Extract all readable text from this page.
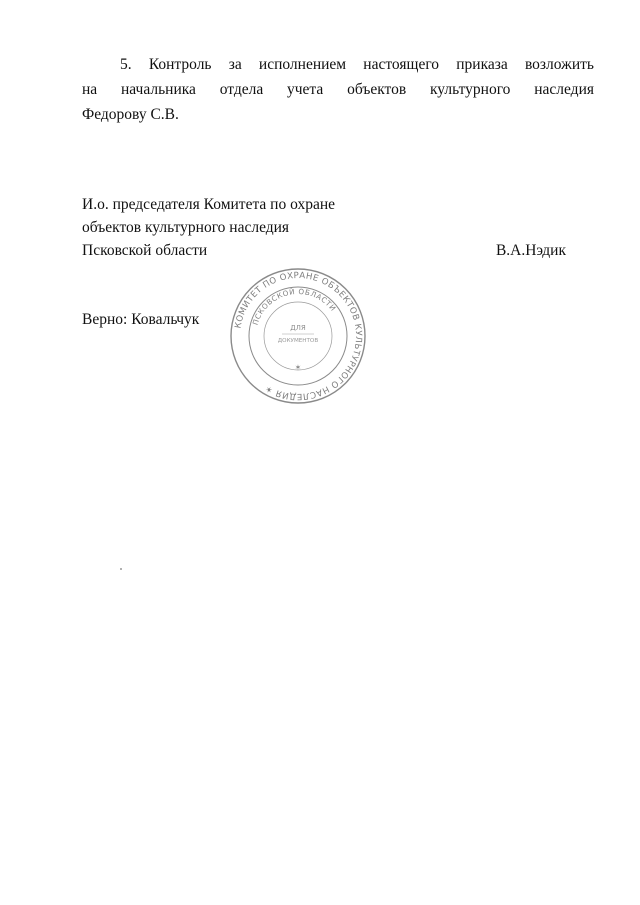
5. Контроль за исполнением настоящего приказа возложить
на начальника отдела учета объектов культурного наследия
Федорову С.В.
И.о. председателя Комитета по охране
объектов культурного наследия
Псковской области	В.А.Нэдик
Верно: Ковальчук	КОМИТЕТ ПО ОХРАНЕ ОБЪЕКТОВ КУЛЬТУРНОГО НАСЛЕДИЯ ✶
ПСКОВСКОЙ ОБЛАСТИ
ДЛЯ
ДОКУМЕНТОВ
✶
